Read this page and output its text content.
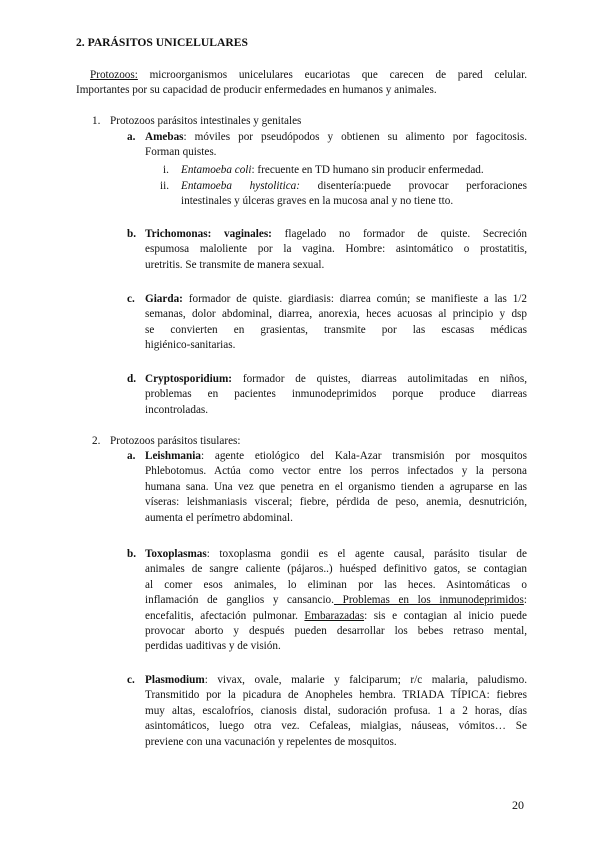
2. PARÁSITOS UNICELULARES
Protozoos: microorganismos unicelulares eucariotas que carecen de pared celular.
Importantes por su capacidad de producir enfermedades en humanos y animales.
1. Protozoos parásitos intestinales y genitales
a. Amebas: móviles por pseudópodos y obtienen su alimento por fagocitosis.
Forman quistes.
i. Entamoeba coli: frecuente en TD humano sin producir enfermedad.
ii. Entamoeba hystolitica: disentería:puede provocar perforaciones
intestinales y úlceras graves en la mucosa anal y no tiene tto.
b. Trichomonas: vaginales: flagelado no formador de quiste. Secreción
espumosa maloliente por la vagina. Hombre: asintomático o prostatitis,
uretritis. Se transmite de manera sexual.
c. Giarda: formador de quiste. giardiasis: diarrea común; se manifieste a las 1/2
semanas, dolor abdominal, diarrea, anorexia, heces acuosas al principio y dsp
se convierten en grasientas, transmite por las escasas médicas
higiénico-sanitarias.
d. Cryptosporidium: formador de quistes, diarreas autolimitadas en niños,
problemas en pacientes inmunodeprimidos porque produce diarreas
incontroladas.
2. Protozoos parásitos tisulares:
a. Leishmania: agente etiológico del Kala-Azar transmisión por mosquitos
Phlebotomus. Actúa como vector entre los perros infectados y la persona
humana sana. Una vez que penetra en el organismo tienden a agruparse en las
víseras: leishmaniasis visceral; fiebre, pérdida de peso, anemia, desnutrición,
aumenta el perímetro abdominal.
b. Toxoplasmas: toxoplasma gondii es el agente causal, parásito tisular de
animales de sangre caliente (pájaros..) huésped definitivo gatos, se contagian
al comer esos animales, lo eliminan por las heces. Asintomáticas o
inflamación de ganglios y cansancio. Problemas en los inmunodeprimidos:
encefalitis, afectación pulmonar. Embarazadas: sis e contagian al inicio puede
provocar aborto y después pueden desarrollar los bebes retraso mental,
perdidas uaditivas y de visión.
c. Plasmodium: vivax, ovale, malarie y falciparum; r/c malaria, paludismo.
Transmitido por la picadura de Anopheles hembra. TRIADA TÍPICA: fiebres
muy altas, escalofríos, cianosis distal, sudoración profusa. 1 a 2 horas, días
asintomáticos, luego otra vez. Cefaleas, mialgias, náuseas, vómitos… Se
previene con una vacunación y repelentes de mosquitos.
20
